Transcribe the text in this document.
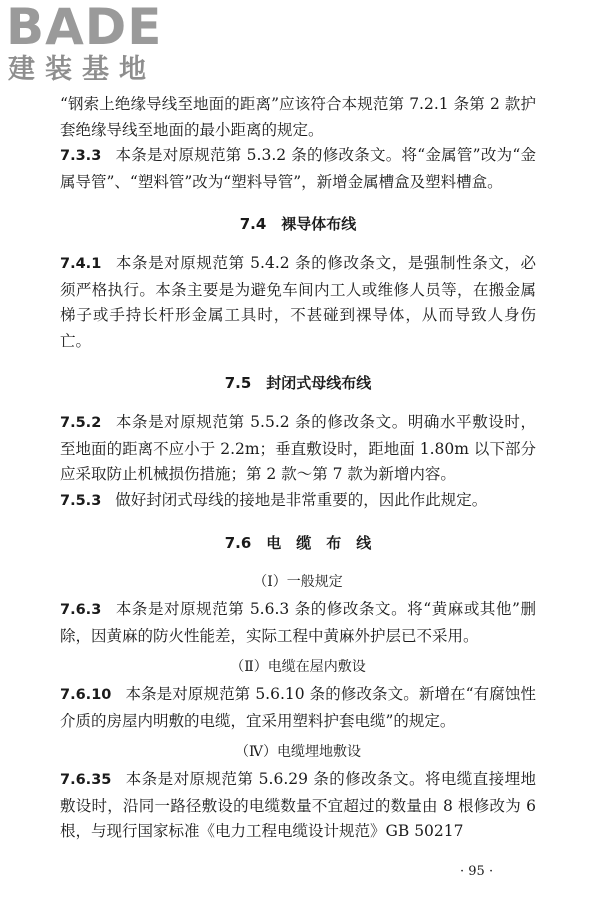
BADE
建装基地

“钢索上绝缘导线至地面的距离”应该符合本规范第 7.2.1 条第 2 款护套绝缘导线至地面的最小距离的规定。

7.3.3 本条是对原规范第 5.3.2 条的修改条文。将“金属管”改为“金属导管”、“塑料管”改为“塑料导管”，新增金属槽盒及塑料槽盒。

7.4　裸导体布线

7.4.1 本条是对原规范第 5.4.2 条的修改条文，是强制性条文，必须严格执行。本条主要是为避免车间内工人或维修人员等，在搬金属梯子或手持长杆形金属工具时，不甚碰到裸导体，从而导致人身伤亡。

7.5　封闭式母线布线

7.5.2 本条是对原规范第 5.5.2 条的修改条文。明确水平敷设时，至地面的距离不应小于 2.2m；垂直敷设时，距地面 1.80m 以下部分应采取防止机械损伤措施；第 2 款～第 7 款为新增内容。

7.5.3 做好封闭式母线的接地是非常重要的，因此作此规定。

7.6　电　缆　布　线
（Ⅰ）一般规定

7.6.3 本条是对原规范第 5.6.3 条的修改条文。将“黄麻或其他”删除，因黄麻的防火性能差，实际工程中黄麻外护层已不采用。

（Ⅱ）电缆在屋内敷设

7.6.10 本条是对原规范第 5.6.10 条的修改条文。新增在“有腐蚀性介质的房屋内明敷的电缆，宜采用塑料护套电缆”的规定。

（Ⅳ）电缆埋地敷设

7.6.35 本条是对原规范第 5.6.29 条的修改条文。将电缆直接埋地敷设时，沿同一路径敷设的电缆数量不宜超过的数量由 8 根修改为 6 根，与现行国家标准《电力工程电缆设计规范》GB 50217

· 95 ·
